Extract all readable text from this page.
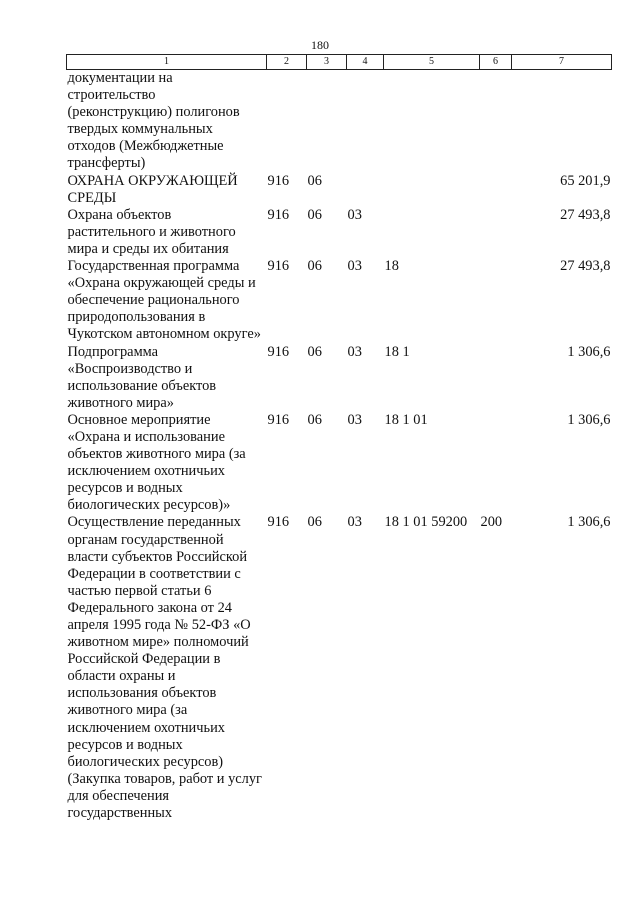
180
1	2	3	4	5	6	7
документации на строительство (реконструкцию) полигонов твердых коммунальных отходов (Межбюджетные трансферты)						
ОХРАНА ОКРУЖАЮЩЕЙ СРЕДЫ	916	06				65 201,9
Охрана объектов растительного и животного мира и среды их обитания	916	06	03			27 493,8
Государственная программа «Охрана окружающей среды и обеспечение рационального природопользования в Чукотском автономном округе»	916	06	03	18		27 493,8
Подпрограмма «Воспроизводство и использование объектов животного мира»	916	06	03	18 1		1 306,6
Основное мероприятие «Охрана и использование объектов животного мира (за исключением охотничьих ресурсов и водных биологических ресурсов)»	916	06	03	18 1 01		1 306,6
Осуществление переданных органам государственной власти субъектов Российской Федерации в соответствии с частью первой статьи 6 Федерального закона от 24 апреля 1995 года № 52-ФЗ «О животном мире» полномочий Российской Федерации в области охраны и использования объектов животного мира (за исключением охотничьих ресурсов и водных биологических ресурсов) (Закупка товаров, работ и услуг для обеспечения государственных	916	06	03	18 1 01 59200	200	1 306,6
